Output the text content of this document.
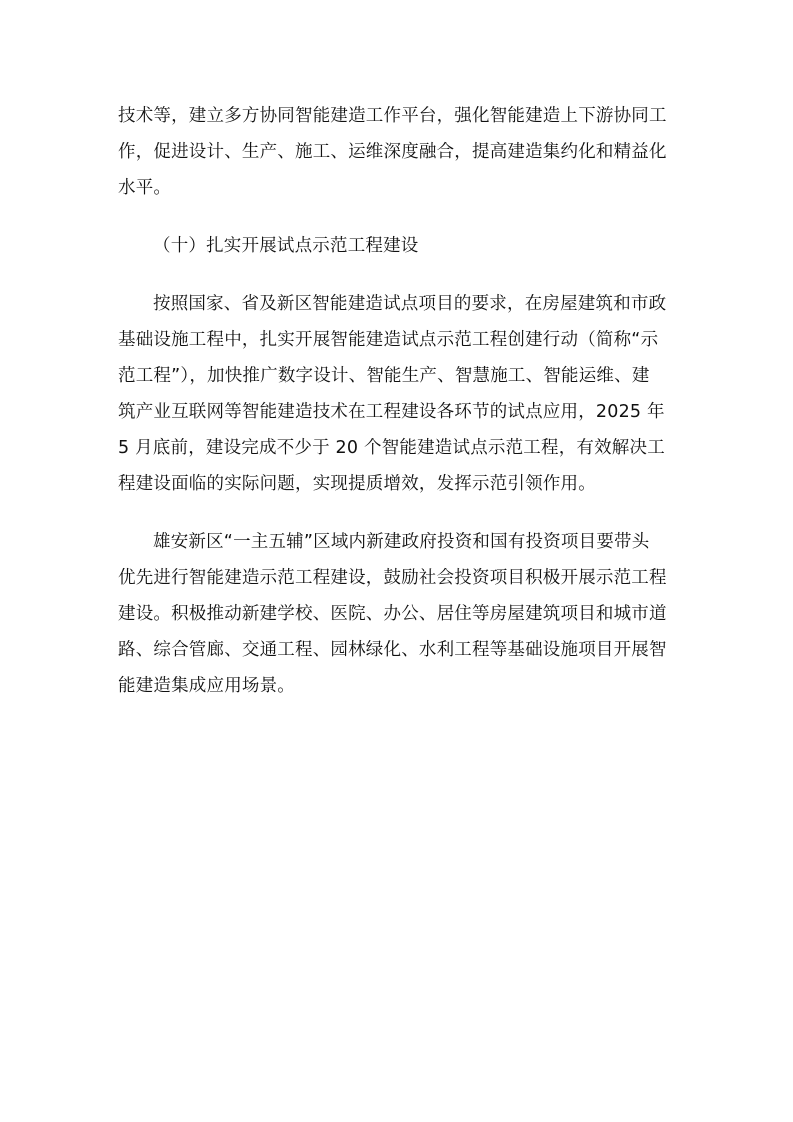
技术等，建立多方协同智能建造工作平台，强化智能建造上下游协同工
作，促进设计、生产、施工、运维深度融合，提高建造集约化和精益化
水平。

（十）扎实开展试点示范工程建设

按照国家、省及新区智能建造试点项目的要求，在房屋建筑和市政
基础设施工程中，扎实开展智能建造试点示范工程创建行动（简称“示
范工程”），加快推广数字设计、智能生产、智慧施工、智能运维、建
筑产业互联网等智能建造技术在工程建设各环节的试点应用，2025 年
5 月底前，建设完成不少于 20 个智能建造试点示范工程，有效解决工
程建设面临的实际问题，实现提质增效，发挥示范引领作用。
雄安新区“一主五辅”区域内新建政府投资和国有投资项目要带头
优先进行智能建造示范工程建设，鼓励社会投资项目积极开展示范工程
建设。积极推动新建学校、医院、办公、居住等房屋建筑项目和城市道
路、综合管廊、交通工程、园林绿化、水利工程等基础设施项目开展智
能建造集成应用场景。
